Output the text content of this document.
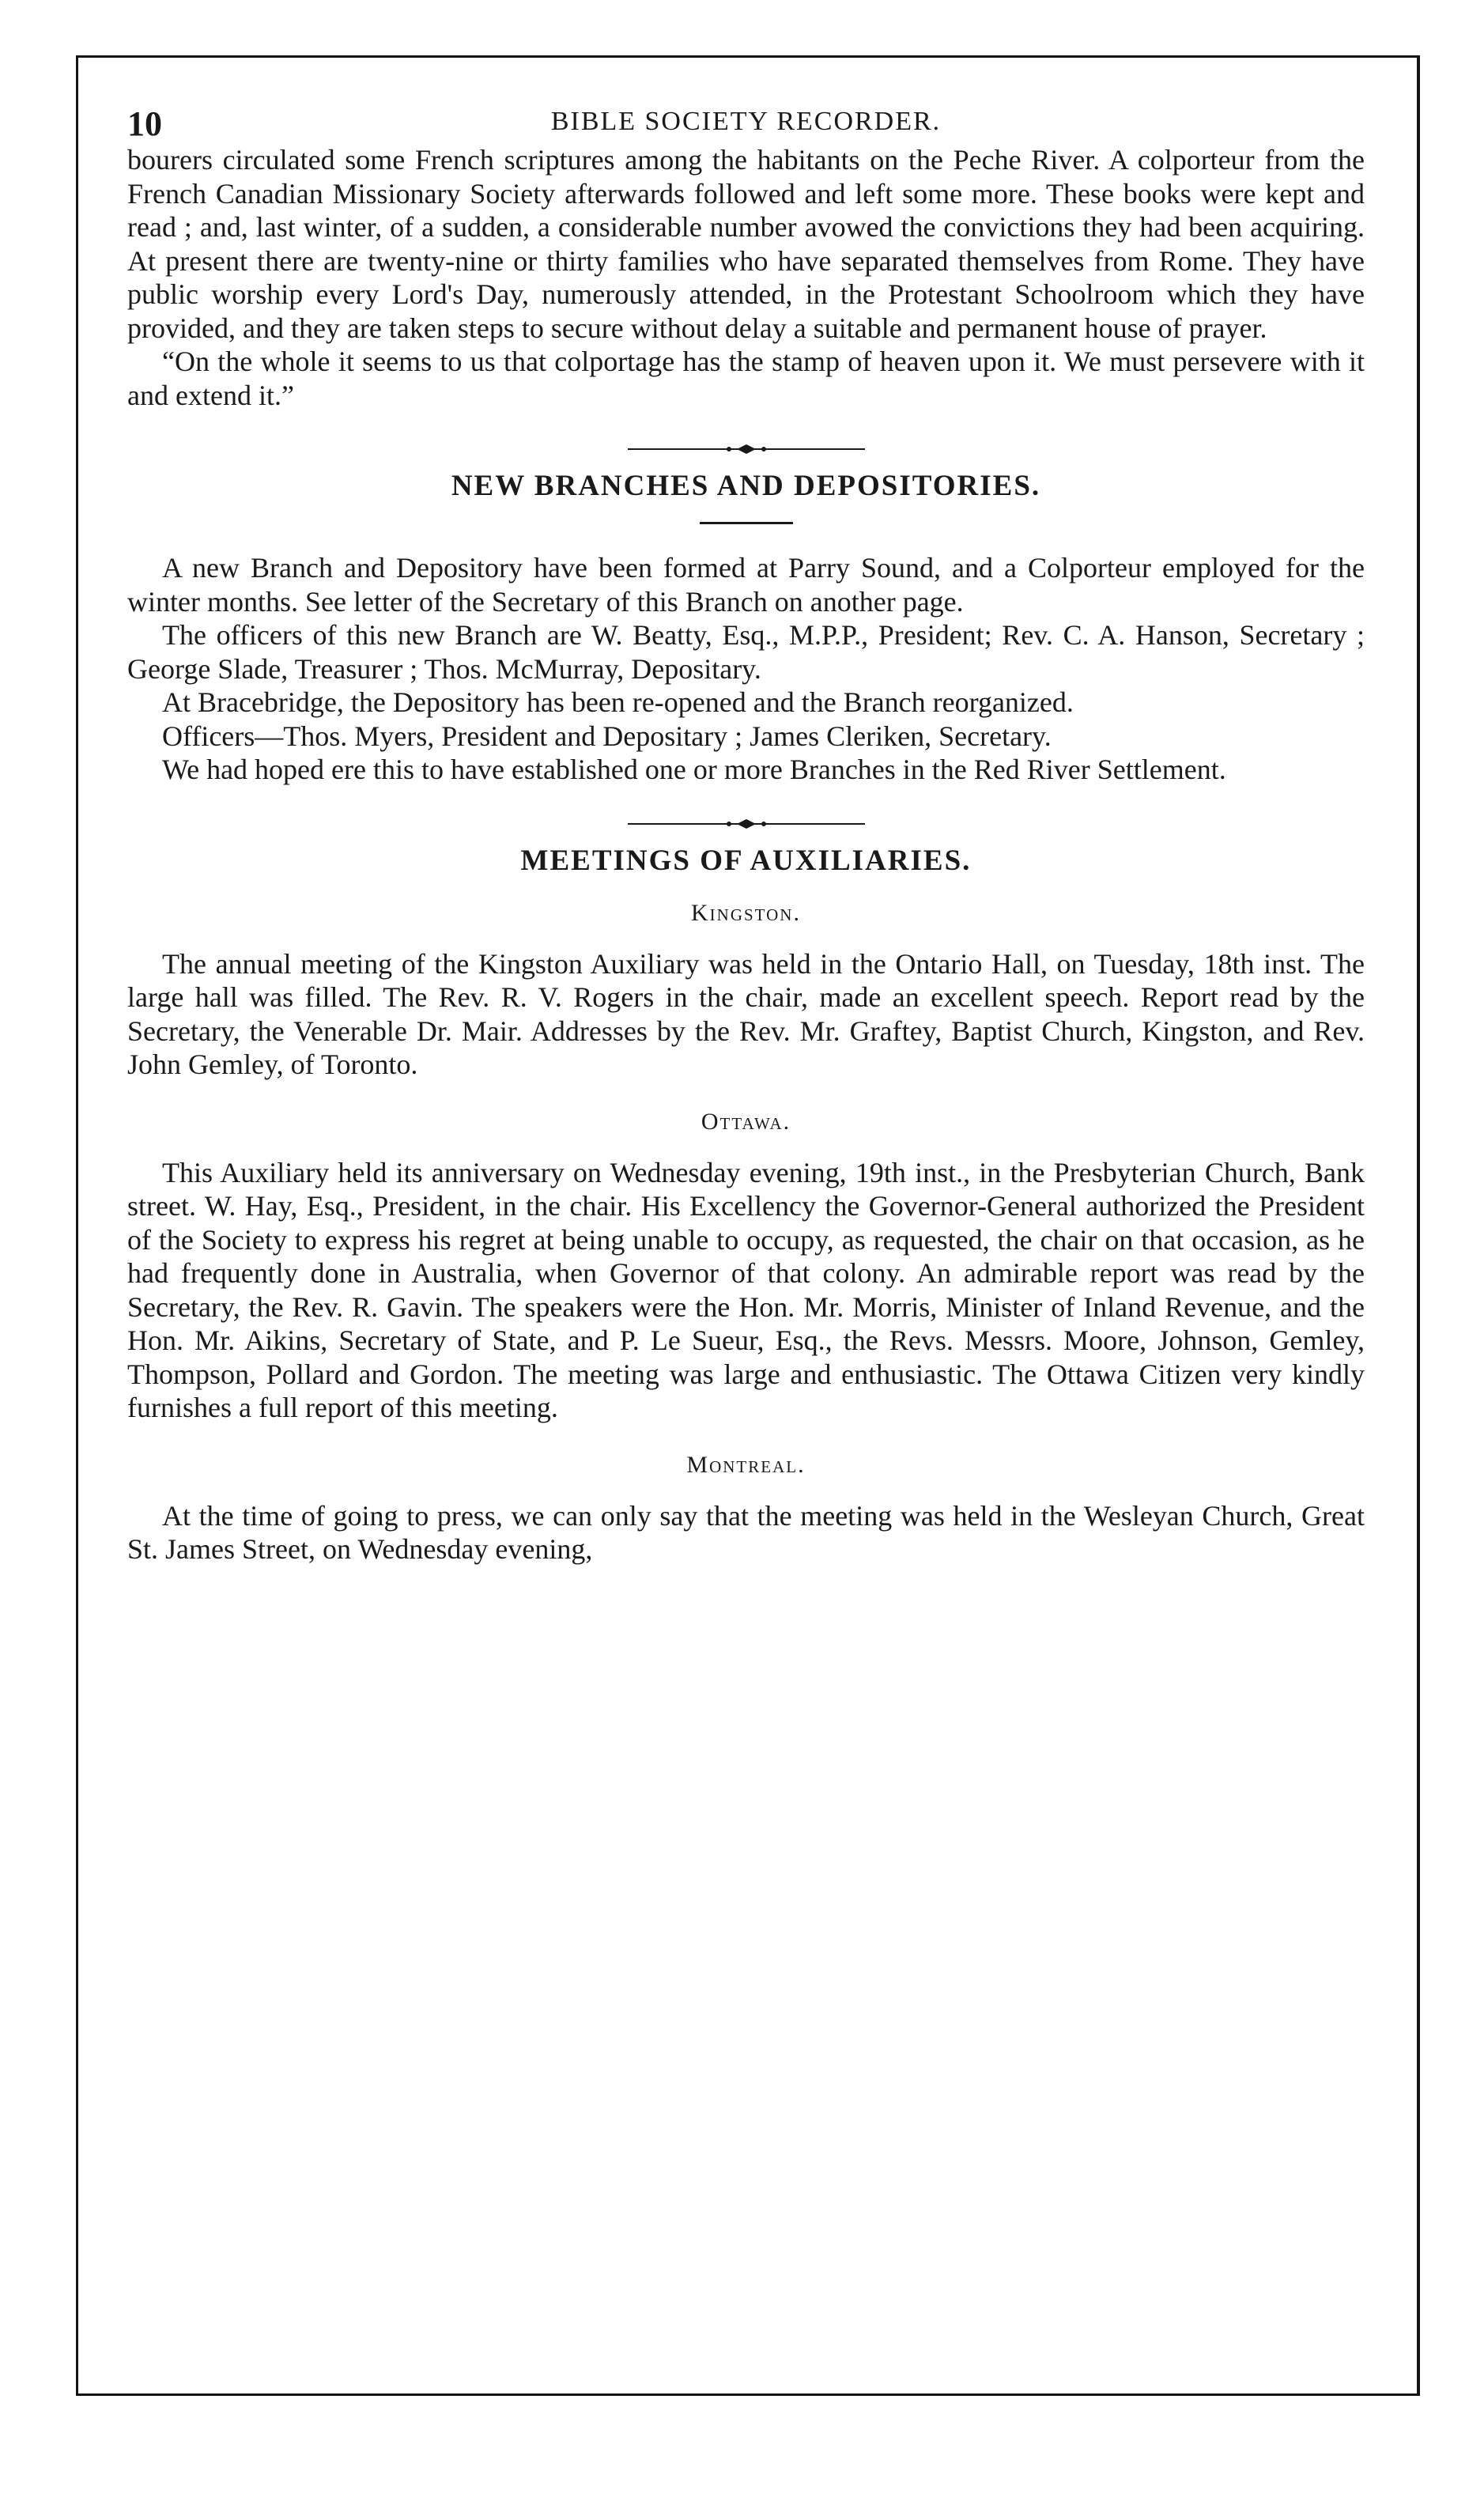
10	BIBLE SOCIETY RECORDER.

bourers circulated some French scriptures among the habitants on the Peche River. A colporteur from the French Canadian Missionary Society afterwards followed and left some more. These books were kept and read ; and, last winter, of a sudden, a considerable number avowed the convictions they had been acquiring. At present there are twenty-nine or thirty families who have separated themselves from Rome. They have public worship every Lord's Day, numerously attended, in the Protestant Schoolroom which they have provided, and they are taken steps to secure without delay a suitable and permanent house of prayer.

“On the whole it seems to us that colportage has the stamp of heaven upon it. We must persevere with it and extend it.”

NEW BRANCHES AND DEPOSITORIES.

A new Branch and Depository have been formed at Parry Sound, and a Colporteur employed for the winter months. See letter of the Secretary of this Branch on another page.

The officers of this new Branch are W. Beatty, Esq., M.P.P., President; Rev. C. A. Hanson, Secretary ; George Slade, Treasurer ; Thos. McMurray, Depositary.

At Bracebridge, the Depository has been re-opened and the Branch reorganized.

Officers—Thos. Myers, President and Depositary ; James Cleriken, Secretary.

We had hoped ere this to have established one or more Branches in the Red River Settlement.

MEETINGS OF AUXILIARIES.
Kingston.

The annual meeting of the Kingston Auxiliary was held in the Ontario Hall, on Tuesday, 18th inst. The large hall was filled. The Rev. R. V. Rogers in the chair, made an excellent speech. Report read by the Secretary, the Venerable Dr. Mair. Addresses by the Rev. Mr. Graftey, Baptist Church, Kingston, and Rev. John Gemley, of Toronto.

Ottawa.

This Auxiliary held its anniversary on Wednesday evening, 19th inst., in the Presbyterian Church, Bank street. W. Hay, Esq., President, in the chair. His Excellency the Governor-General authorized the President of the Society to express his regret at being unable to occupy, as requested, the chair on that occasion, as he had frequently done in Australia, when Governor of that colony. An admirable report was read by the Secretary, the Rev. R. Gavin. The speakers were the Hon. Mr. Morris, Minister of Inland Revenue, and the Hon. Mr. Aikins, Secretary of State, and P. Le Sueur, Esq., the Revs. Messrs. Moore, Johnson, Gemley, Thompson, Pollard and Gordon. The meeting was large and enthusiastic. The Ottawa Citizen very kindly furnishes a full report of this meeting.

Montreal.

At the time of going to press, we can only say that the meeting was held in the Wesleyan Church, Great St. James Street, on Wednesday evening,
